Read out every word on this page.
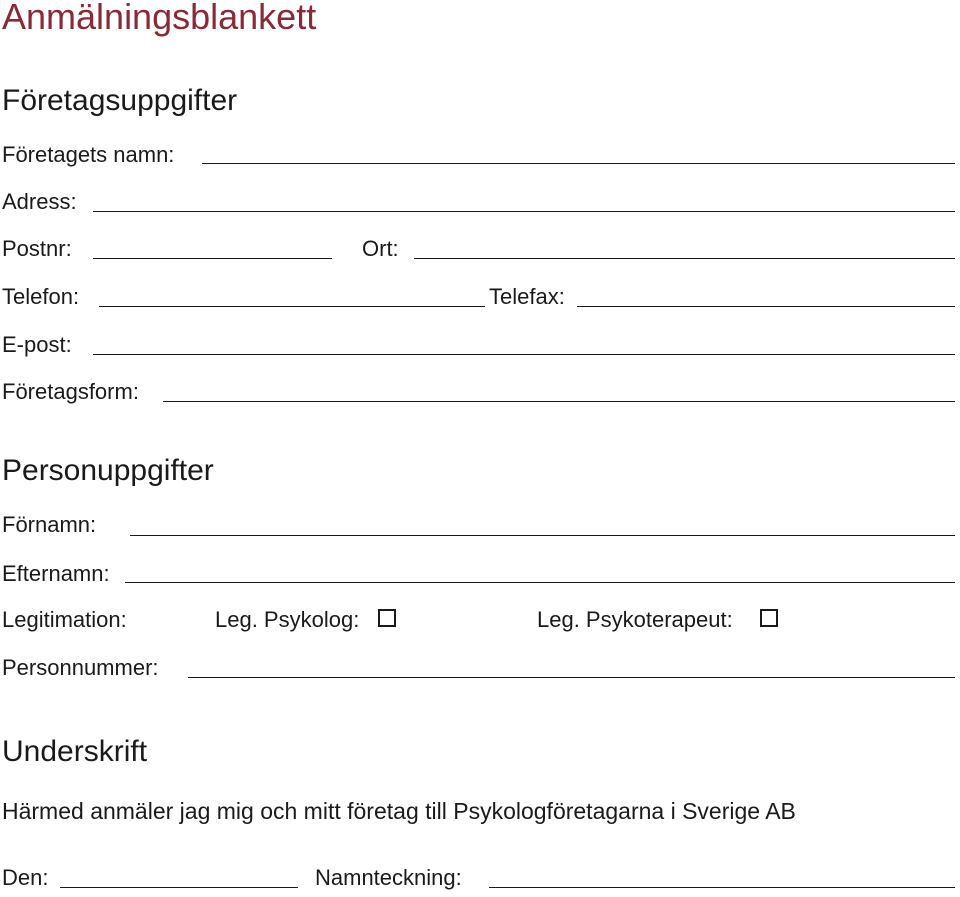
Anmälningsblankett
Företagsuppgifter
Företagets namn:
Adress:
Postnr:	Ort:
Telefon:	Telefax:
E-post:
Företagsform:
Personuppgifter
Förnamn:
Efternamn:
Legitimation:	Leg. Psykolog:	Leg. Psykoterapeut:
Personnummer:
Underskrift
Härmed anmäler jag mig och mitt företag till Psykologföretagarna i Sverige AB
Den:	Namnteckning:
